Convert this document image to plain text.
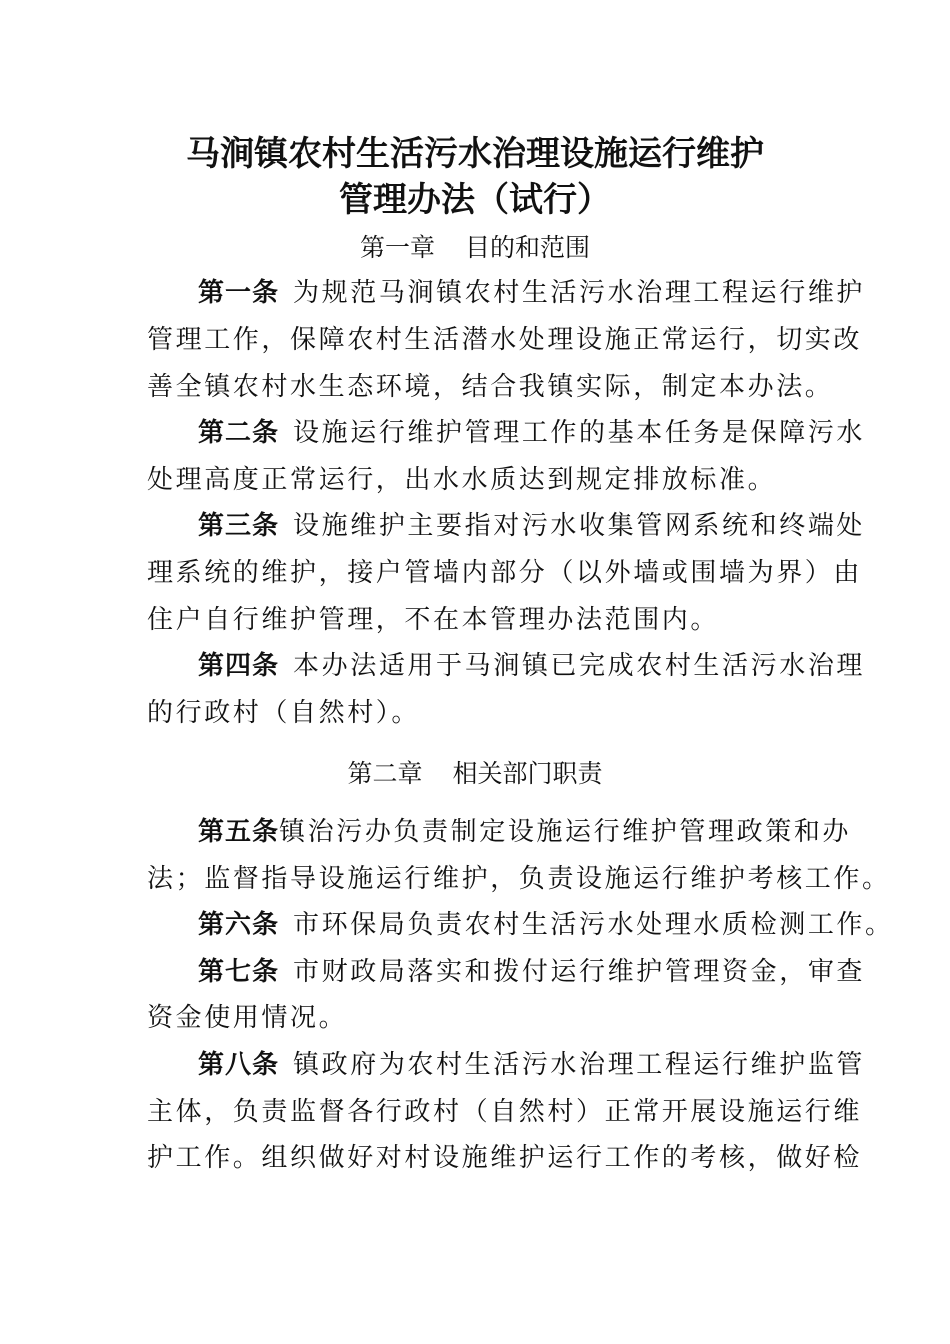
马涧镇农村生活污水治理设施运行维护
管理办法（试行）
第一章 目的和范围
第一条 为规范马涧镇农村生活污水治理工程运行维护
管理工作，保障农村生活潜水处理设施正常运行，切实改
善全镇农村水生态环境，结合我镇实际，制定本办法。
第二条 设施运行维护管理工作的基本任务是保障污水
处理高度正常运行，出水水质达到规定排放标准。
第三条 设施维护主要指对污水收集管网系统和终端处
理系统的维护，接户管墙内部分（以外墙或围墙为界）由
住户自行维护管理，不在本管理办法范围内。
第四条 本办法适用于马涧镇已完成农村生活污水治理
的行政村（自然村）。
第二章 相关部门职责
第五条镇治污办负责制定设施运行维护管理政策和办
法；监督指导设施运行维护，负责设施运行维护考核工作。
第六条 市环保局负责农村生活污水处理水质检测工作。
第七条 市财政局落实和拨付运行维护管理资金，审查
资金使用情况。
第八条 镇政府为农村生活污水治理工程运行维护监管
主体，负责监督各行政村（自然村）正常开展设施运行维
护工作。组织做好对村设施维护运行工作的考核，做好检
